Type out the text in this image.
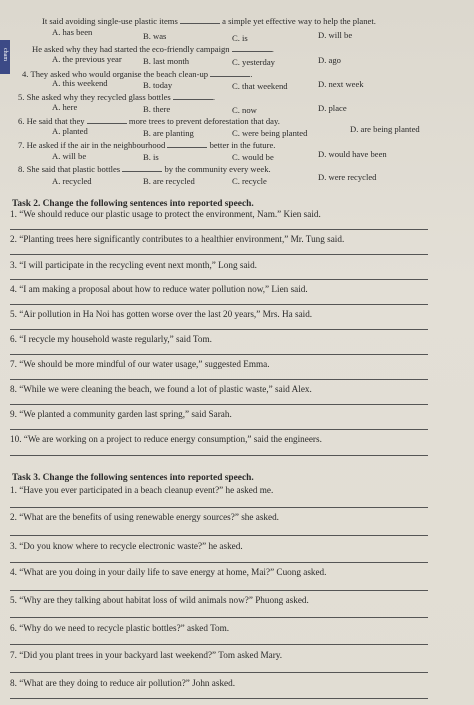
cham
It said avoiding single-use plastic items	a simple yet effective way to help the planet.
A. has been	B. was	C. is	D. will be
He asked why they had started the eco-friendly campaign	.
A. the previous year B. last month	C. yesterday	D. ago
4. They asked who would organise the beach clean-up	.
A. this weekend	B. today	C. that weekend	D. next week
5. She asked why they recycled glass bottles	.
A. here	B. there	C. now	D. place
6. He said that they	more trees to prevent deforestation that day.
A. planted	B. are planting	C. were being planted	D. are being planted
7. He asked if the air in the neighbourhood	better in the future.
A. will be	B. is	C. would be	D. would have been
8. She said that plastic bottles	by the community every week.
A. recycled	B. are recycled	C. recycle	D. were recycled
Task 2. Change the following sentences into reported speech.
1. “We should reduce our plastic usage to protect the environment, Nam.” Kien said.
2. “Planting trees here significantly contributes to a healthier environment,” Mr. Tung said.
3. “I will participate in the recycling event next month,” Long said.
4. “I am making a proposal about how to reduce water pollution now,” Lien said.
5. “Air pollution in Ha Noi has gotten worse over the last 20 years,” Mrs. Ha said.
6. “I recycle my household waste regularly,” said Tom.
7. “We should be more mindful of our water usage,” suggested Emma.
8. “While we were cleaning the beach, we found a lot of plastic waste,” said Alex.
9. “We planted a community garden last spring,” said Sarah.
10. “We are working on a project to reduce energy consumption,” said the engineers.
Task 3. Change the following sentences into reported speech.
1. “Have you ever participated in a beach cleanup event?” he asked me.
2. “What are the benefits of using renewable energy sources?” she asked.
3. “Do you know where to recycle electronic waste?” he asked.
4. “What are you doing in your daily life to save energy at home, Mai?” Cuong asked.
5. “Why are they talking about habitat loss of wild animals now?” Phuong asked.
6. “Why do we need to recycle plastic bottles?” asked Tom.
7. “Did you plant trees in your backyard last weekend?” Tom asked Mary.
8. “What are they doing to reduce air pollution?” John asked.
